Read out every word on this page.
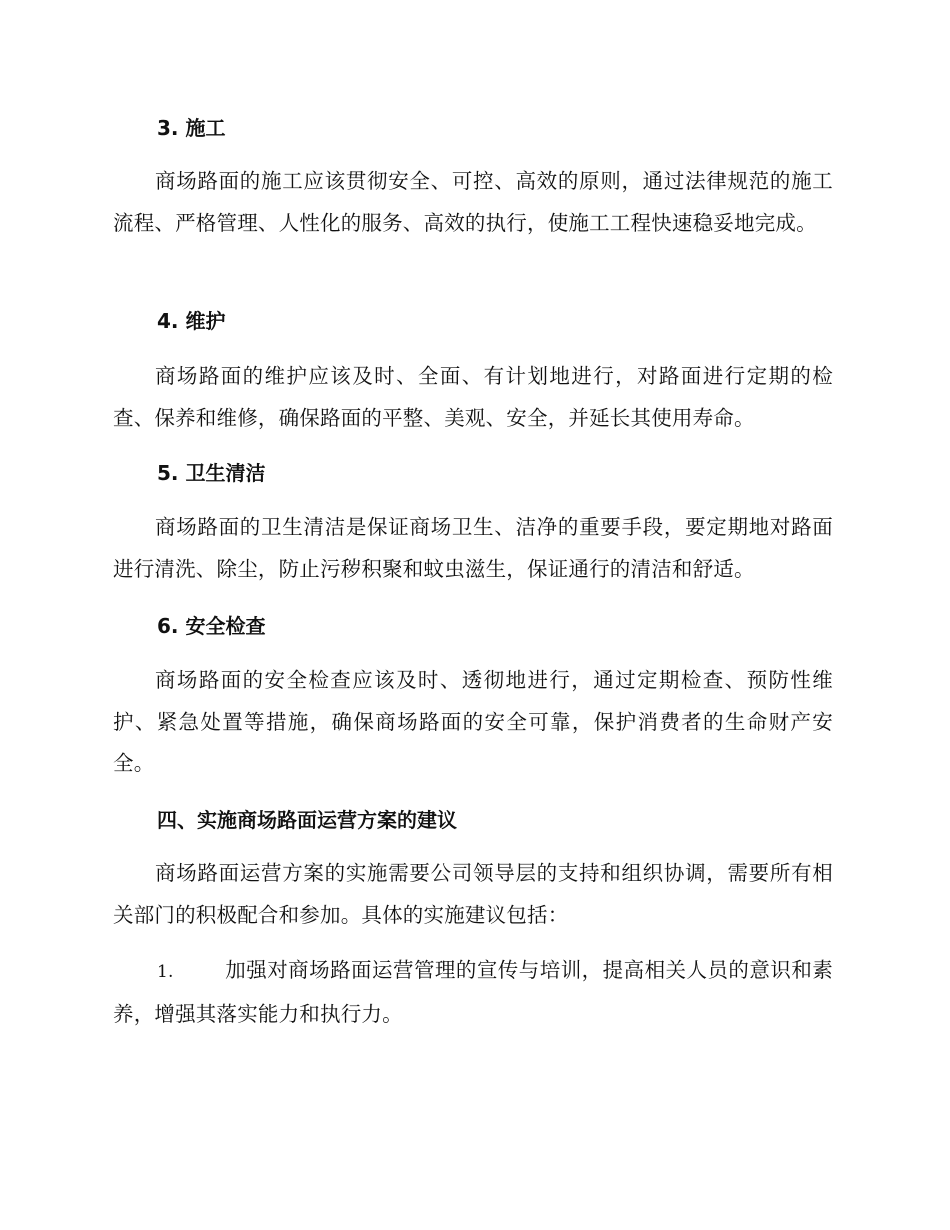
3. 施工
商场路面的施工应该贯彻安全、可控、高效的原则，通过法律规范的施工流程、严格管理、人性化的服务、高效的执行，使施工工程快速稳妥地完成。
4. 维护
商场路面的维护应该及时、全面、有计划地进行，对路面进行定期的检查、保养和维修，确保路面的平整、美观、安全，并延长其使用寿命。
5. 卫生清洁
商场路面的卫生清洁是保证商场卫生、洁净的重要手段，要定期地对路面进行清洗、除尘，防止污秽积聚和蚊虫滋生，保证通行的清洁和舒适。
6. 安全检查
商场路面的安全检查应该及时、透彻地进行，通过定期检查、预防性维护、紧急处置等措施，确保商场路面的安全可靠，保护消费者的生命财产安全。
四、实施商场路面运营方案的建议
商场路面运营方案的实施需要公司领导层的支持和组织协调，需要所有相关部门的积极配合和参加。具体的实施建议包括：
1.	加强对商场路面运营管理的宣传与培训，提高相关人员的意识和素养，增强其落实能力和执行力。
